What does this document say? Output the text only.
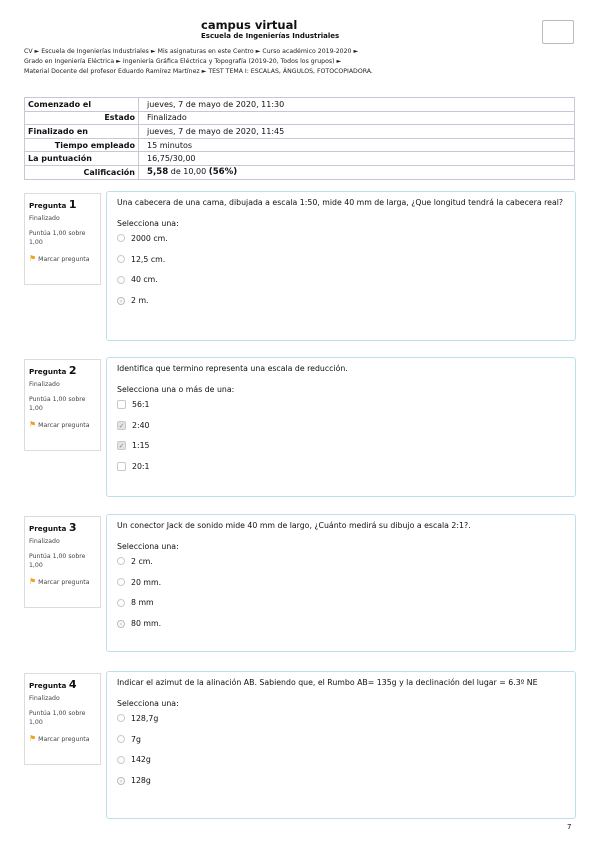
campus virtual
Escuela de Ingenierías Industriales
CV ► Escuela de Ingenierías Industriales ► Mis asignaturas en este Centro ► Curso académico 2019-2020 ►
Grado en Ingeniería Eléctrica ► Ingeniería Gráfica Eléctrica y Topografía (2019-20, Todos los grupos) ►
Material Docente del profesor Eduardo Ramírez Martínez ► TEST TEMA I: ESCALAS, ÁNGULOS, FOTOCOPIADORA.
Comenzado el	jueves, 7 de mayo de 2020, 11:30
Estado	Finalizado
Finalizado en	jueves, 7 de mayo de 2020, 11:45
Tiempo empleado	15 minutos
La puntuación	16,75/30,00
Calificación	5,58 de 10,00 (56%)
Pregunta 1
Finalizado
Puntúa 1,00 sobre 1,00
⚑ Marcar pregunta
Una cabecera de una cama, dibujada a escala 1:50, mide 40 mm de larga, ¿Que longitud tendrá la cabecera real?
Selecciona una:
2000 cm.
12,5 cm.
40 cm.
2 m.
Pregunta 2
Finalizado
Puntúa 1,00 sobre 1,00
⚑ Marcar pregunta
Identifica que termino representa una escala de reducción.
Selecciona una o más de una:
56:1
✓ 2:40
✓ 1:15
20:1
Pregunta 3
Finalizado
Puntúa 1,00 sobre 1,00
⚑ Marcar pregunta
Un conector Jack de sonido mide 40 mm de largo, ¿Cuánto medirá su dibujo a escala 2:1?.
Selecciona una:
2 cm.
20 mm.
8 mm
80 mm.
Pregunta 4
Finalizado
Puntúa 1,00 sobre 1,00
⚑ Marcar pregunta
Indicar el azimut de la alinación AB. Sabiendo que, el Rumbo AB= 135g y la declinación del lugar = 6.3º NE
Selecciona una:
128,7g
7g
142g
128g
7
